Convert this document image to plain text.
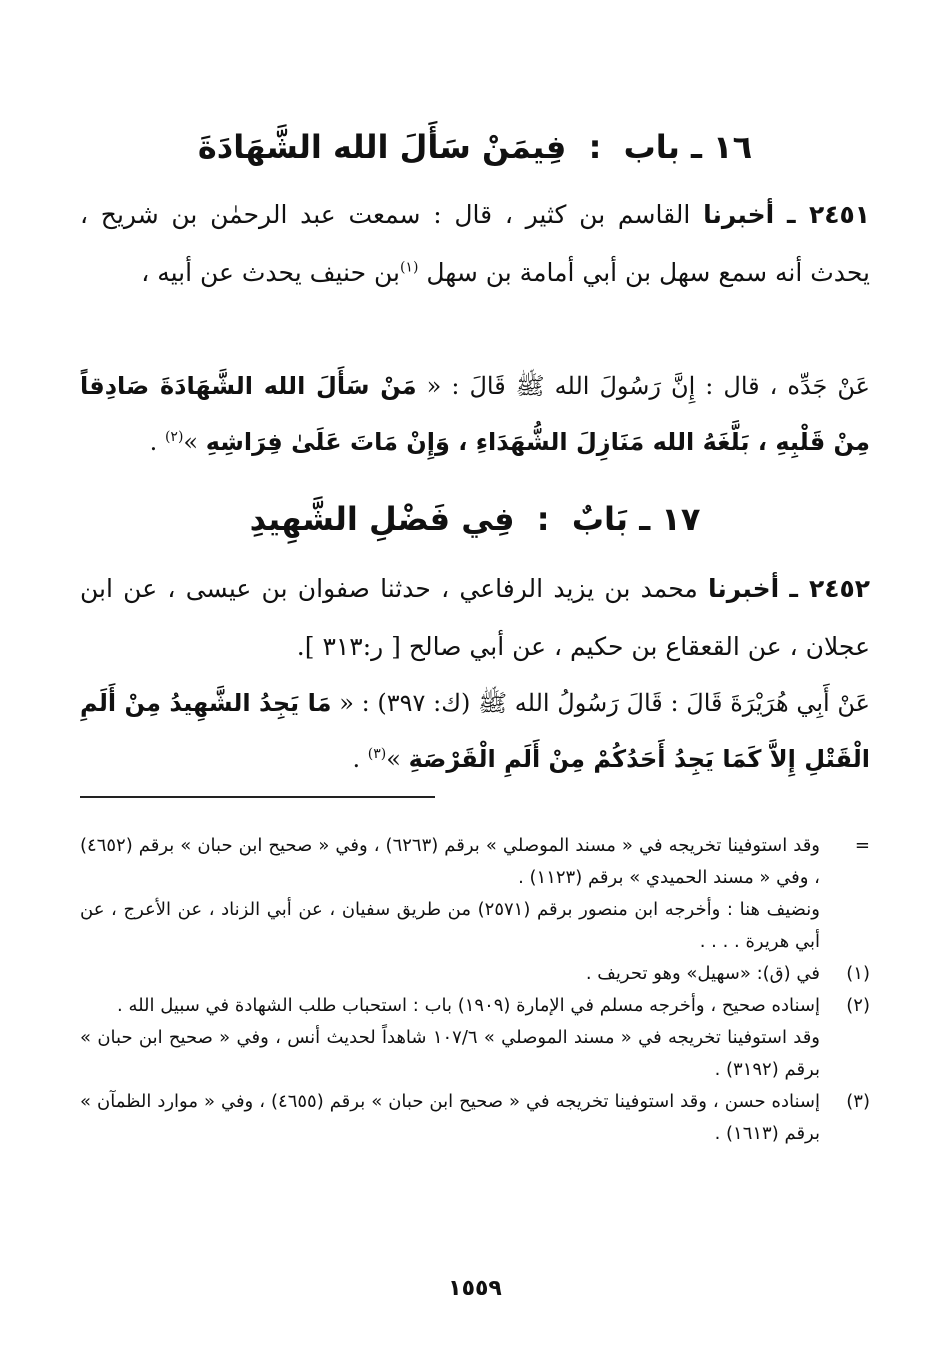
١٦ ـ باب  :  فِيمَنْ سَأَلَ الله الشَّهَادَةَ
٢٤٥١ ـ أخبرنا القاسم بن كثير ، قال : سمعت عبد الرحمٰن بن شريح ، يحدث أنه سمع سهل بن أبي أمامة بن سهل $^{(١)}$بن حنيف يحدث عن أبيه ،
عَنْ جَدِّه ، قال : إِنَّ رَسُولَ الله ﷺ قَالَ : « مَنْ سَأَلَ الله الشَّهَادَةَ صَادِقاً مِنْ قَلْبِهِ ، بَلَّغَهُ الله مَنَازِلَ الشُّهَدَاءِ ، وَإِنْ مَاتَ عَلَىٰ فِرَاشِهِ »$^{(٢)}$ .
١٧ ـ بَابٌ  :  فِي فَضْلِ الشَّهِيدِ
٢٤٥٢ ـ أخبرنا محمد بن يزيد الرفاعي ، حدثنا صفوان بن عيسى ، عن ابن عجلان ، عن القعقاع بن حكيم ، عن أبي صالح [ ر:٣١٣ ].
عَنْ أَبِي هُرَيْرَةَ قَالَ : قَالَ رَسُولُ الله ﷺ (ك: ٣٩٧) : « مَا يَجِدُ الشَّهِيدُ مِنْ أَلَمِ الْقَتْلِ إِلاَّ كَمَا يَجِدُ أَحَدُكُمْ مِنْ أَلَمِ الْقَرْصَةِ »$^{(٣)}$ .
=
وقد استوفينا تخريجه في « مسند الموصلي » برقم (٦٢٦٣) ، وفي « صحيح ابن حبان » برقم (٤٦٥٢) ، وفي « مسند الحميدي » برقم (١١٢٣) .
ونضيف هنا : وأخرجه ابن منصور برقم (٢٥٧١) من طريق سفيان ، عن أبي الزناد ، عن الأعرج ، عن أبي هريرة . . . .
(١)
في (ق): «سهيل» وهو تحريف .
(٢)
إسناده صحيح ، وأخرجه مسلم في الإمارة (١٩٠٩) باب : استحباب طلب الشهادة في سبيل الله .
وقد استوفينا تخريجه في « مسند الموصلي » ١٠٧/٦ شاهداً لحديث أنس ، وفي « صحيح ابن حبان » برقم (٣١٩٢) .
(٣)
إسناده حسن ، وقد استوفينا تخريجه في « صحيح ابن حبان » برقم (٤٦٥٥) ، وفي « موارد الظمآن » برقم (١٦١٣) .
١٥٥٩
